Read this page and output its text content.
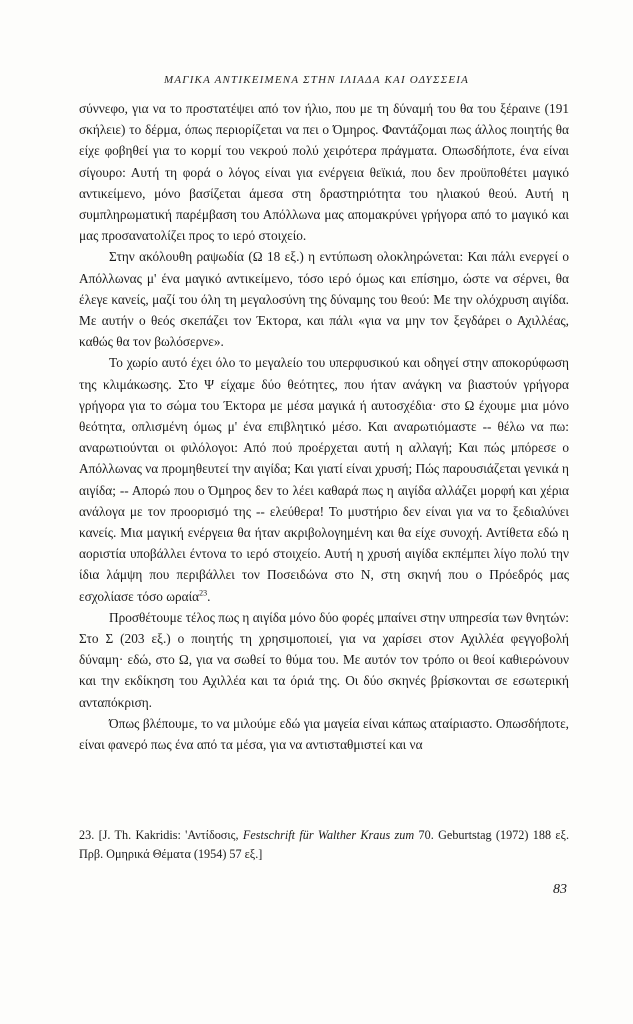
ΜΑΓΙΚΑ ΑΝΤΙΚΕΙΜΕΝΑ ΣΤΗΝ ΙΛΙΑΔΑ ΚΑΙ ΟΔΥΣΣΕΙΑ

σύννεφο, για να το προστατέψει από τον ήλιο, που με τη δύναμή του θα του ξέραινε (191 σκήλειε) το δέρμα, όπως περιορίζεται να πει ο Όμηρος. Φαντάζομαι πως άλλος ποιητής θα είχε φοβηθεί για το κορμί του νεκρού πολύ χειρότερα πράγματα. Οπωσδήποτε, ένα είναι σίγουρο: Αυτή τη φορά ο λόγος είναι για ενέργεια θεϊκιά, που δεν προϋποθέτει μαγικό αντικείμενο, μόνο βασίζεται άμεσα στη δραστηριότητα του ηλιακού θεού. Αυτή η συμπληρωματική παρέμβαση του Απόλλωνα μας απομακρύνει γρήγορα από το μαγικό και μας προσανατολίζει προς το ιερό στοιχείο.

Στην ακόλουθη ραψωδία (Ω 18 εξ.) η εντύπωση ολοκληρώνεται: Και πάλι ενεργεί ο Απόλλωνας μ' ένα μαγικό αντικείμενο, τόσο ιερό όμως και επίσημο, ώστε να σέρνει, θα έλεγε κανείς, μαζί του όλη τη μεγαλοσύνη της δύναμης του θεού: Με την ολόχρυση αιγίδα. Με αυτήν ο θεός σκεπάζει τον Έκτορα, και πάλι «για να μην τον ξεγδάρει ο Αχιλλέας, καθώς θα τον βωλόσερνε».

Το χωρίο αυτό έχει όλο το μεγαλείο του υπερφυσικού και οδηγεί στην αποκορύφωση της κλιμάκωσης. Στο Ψ είχαμε δύο θεότητες, που ήταν ανάγκη να βιαστούν γρήγορα γρήγορα για το σώμα του Έκτορα με μέσα μαγικά ή αυτοσχέδια· στο Ω έχουμε μια μόνο θεότητα, οπλισμένη όμως μ' ένα επιβλητικό μέσο. Και αναρωτιόμαστε -- θέλω να πω: αναρωτιούνται οι φιλόλογοι: Από πού προέρχεται αυτή η αλλαγή; Και πώς μπόρεσε ο Απόλλωνας να προμηθευτεί την αιγίδα; Και γιατί είναι χρυσή; Πώς παρουσιάζεται γενικά η αιγίδα; -- Απορώ που ο Όμηρος δεν το λέει καθαρά πως η αιγίδα αλλάζει μορφή και χέρια ανάλογα με τον προορισμό της -- ελεύθερα! Το μυστήριο δεν είναι για να το ξεδιαλύνει κανείς. Μια μαγική ενέργεια θα ήταν ακριβολογημένη και θα είχε συνοχή. Αντίθετα εδώ η αοριστία υποβάλλει έντονα το ιερό στοιχείο. Αυτή η χρυσή αιγίδα εκπέμπει λίγο πολύ την ίδια λάμψη που περιβάλλει τον Ποσειδώνα στο Ν, στη σκηνή που ο Πρόεδρός μας εσχολίασε τόσο ωραία$^{23}$.

Προσθέτουμε τέλος πως η αιγίδα μόνο δύο φορές μπαίνει στην υπηρεσία των θνητών: Στο Σ (203 εξ.) ο ποιητής τη χρησιμοποιεί, για να χαρίσει στον Αχιλλέα φεγγοβολή δύναμη· εδώ, στο Ω, για να σωθεί το θύμα του. Με αυτόν τον τρόπο οι θεοί καθιερώνουν και την εκδίκηση του Αχιλλέα και τα όριά της. Οι δύο σκηνές βρίσκονται σε εσωτερική ανταπόκριση.

Όπως βλέπουμε, το να μιλούμε εδώ για μαγεία είναι κάπως αταίριαστο. Οπωσδήποτε, είναι φανερό πως ένα από τα μέσα, για να αντισταθμιστεί και να

23. [J. Th. Kakridis: 'Αντίδοσις, Festschrift für Walther Kraus zum 70. Geburtstag (1972) 188 εξ. Πρβ. Ομηρικά Θέματα (1954) 57 εξ.]
83
